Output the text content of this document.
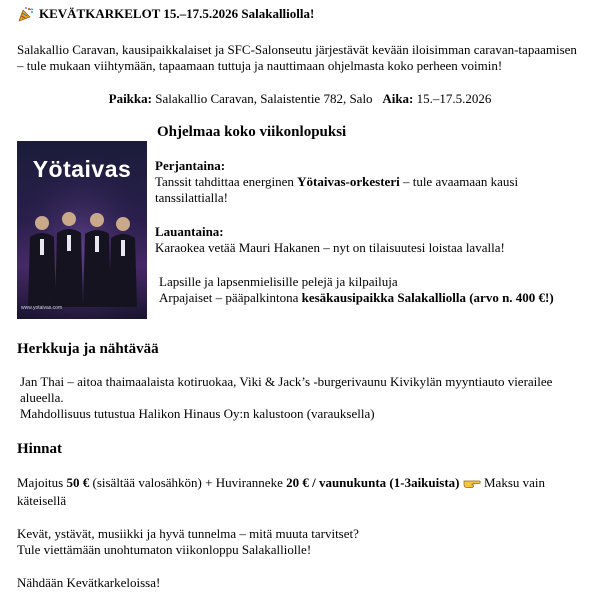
KEVÄTKARKELOT 15.–17.5.2026 Salakalliolla!
Salakallio Caravan, kausipaikkalaiset ja SFC-Salonseutu järjestävät kevään iloisimman caravan-tapaamisen – tule mukaan viihtymään, tapaamaan tuttuja ja nauttimaan ohjelmasta koko perheen voimin!
Paikka: Salakallio Caravan, Salaistentie 782, Salo Aika: 15.–17.5.2026
Ohjelmaa koko viikonlopuksi
Yötaivas
www.yotaivas.com
Perjantaina:
Tanssit tahdittaa energinen Yötaivas-orkesteri – tule avaamaan kausi tanssilattialla!
Lauantaina:
Karaokea vetää Mauri Hakanen – nyt on tilaisuutesi loistaa lavalla!
Lapsille ja lapsenmielisille pelejä ja kilpailuja
Arpajaiset – pääpalkintona kesäkausipaikka Salakalliolla (arvo n. 400 €!)
Herkkuja ja nähtävää
Jan Thai – aitoa thaimaalaista kotiruokaa, Viki & Jack’s -burgerivaunu Kivikylän myyntiauto vierailee alueella.
Mahdollisuus tutustua Halikon Hinaus Oy:n kalustoon (varauksella)
Hinnat
Majoitus 50 € (sisältää valosähkön) + Huviranneke 20 € / vaunukunta (1-3aikuista)  Maksu vain käteisellä
Kevät, ystävät, musiikki ja hyvä tunnelma – mitä muuta tarvitset?
Tule viettämään unohtumaton viikonloppu Salakalliolle!
Nähdään Kevätkarkeloissa!
